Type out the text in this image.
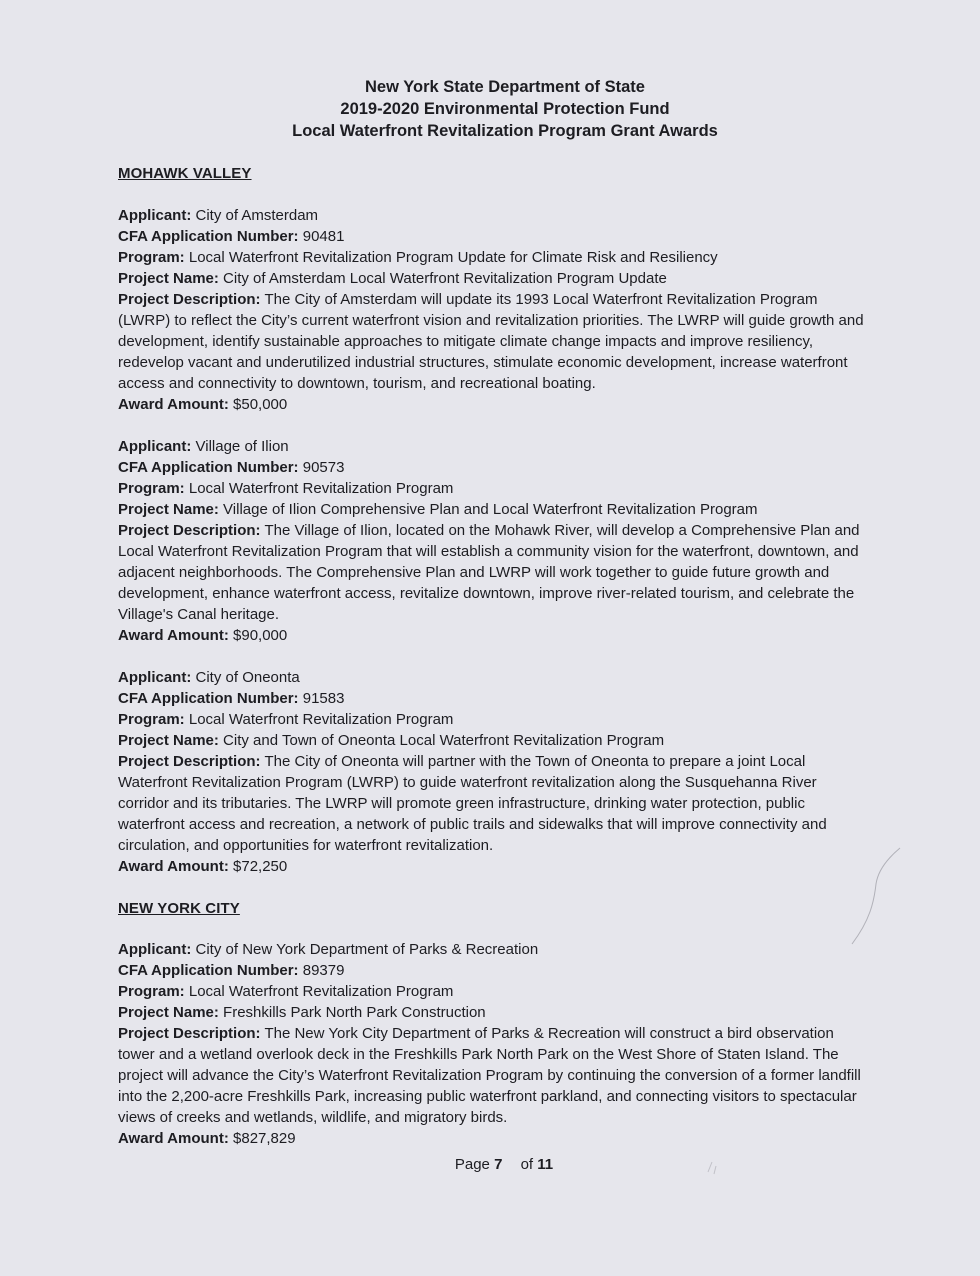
New York State Department of State
2019-2020 Environmental Protection Fund
Local Waterfront Revitalization Program Grant Awards
MOHAWK VALLEY
Applicant: City of Amsterdam
CFA Application Number: 90481
Program: Local Waterfront Revitalization Program Update for Climate Risk and Resiliency
Project Name: City of Amsterdam Local Waterfront Revitalization Program Update
Project Description: The City of Amsterdam will update its 1993 Local Waterfront Revitalization Program (LWRP) to reflect the City’s current waterfront vision and revitalization priorities. The LWRP will guide growth and development, identify sustainable approaches to mitigate climate change impacts and improve resiliency, redevelop vacant and underutilized industrial structures, stimulate economic development, increase waterfront access and connectivity to downtown, tourism, and recreational boating.
Award Amount: $50,000
Applicant: Village of Ilion
CFA Application Number: 90573
Program: Local Waterfront Revitalization Program
Project Name: Village of Ilion Comprehensive Plan and Local Waterfront Revitalization Program
Project Description: The Village of Ilion, located on the Mohawk River, will develop a Comprehensive Plan and Local Waterfront Revitalization Program that will establish a community vision for the waterfront, downtown, and adjacent neighborhoods. The Comprehensive Plan and LWRP will work together to guide future growth and development, enhance waterfront access, revitalize downtown, improve river-related tourism, and celebrate the Village's Canal heritage.
Award Amount: $90,000
Applicant: City of Oneonta
CFA Application Number: 91583
Program: Local Waterfront Revitalization Program
Project Name: City and Town of Oneonta Local Waterfront Revitalization Program
Project Description: The City of Oneonta will partner with the Town of Oneonta to prepare a joint Local Waterfront Revitalization Program (LWRP) to guide waterfront revitalization along the Susquehanna River corridor and its tributaries. The LWRP will promote green infrastructure, drinking water protection, public waterfront access and recreation, a network of public trails and sidewalks that will improve connectivity and circulation, and opportunities for waterfront revitalization.
Award Amount: $72,250
NEW YORK CITY
Applicant: City of New York Department of Parks & Recreation
CFA Application Number: 89379
Program: Local Waterfront Revitalization Program
Project Name: Freshkills Park North Park Construction
Project Description: The New York City Department of Parks & Recreation will construct a bird observation tower and a wetland overlook deck in the Freshkills Park North Park on the West Shore of Staten Island. The project will advance the City’s Waterfront Revitalization Program by continuing the conversion of a former landfill into the 2,200-acre Freshkills Park, increasing public waterfront parkland, and connecting visitors to spectacular views of creeks and wetlands, wildlife, and migratory birds.
Award Amount: $827,829
Page 7 of 11
